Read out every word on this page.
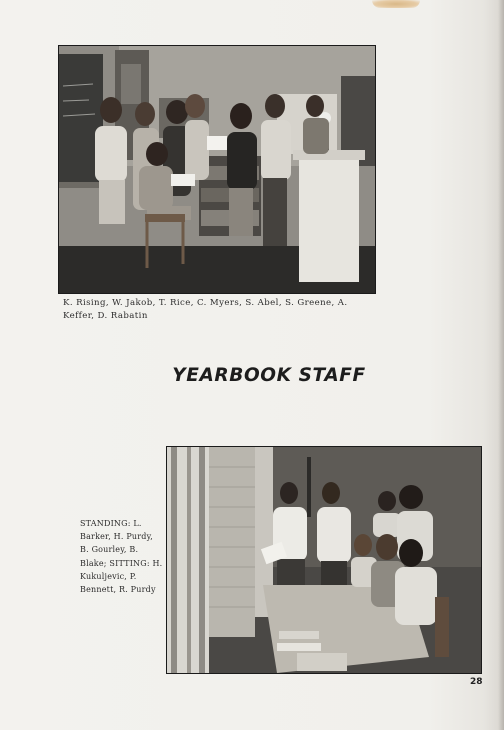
K. Rising, W. Jakob, T. Rice, C. Myers, S. Abel, S. Greene, A. Keffer, D. Rabatin
YEARBOOK STAFF
STANDING: L. Barker, H. Purdy, B. Gourley, B. Blake; SITTING: H. Kukuljevic, P. Bennett, R. Purdy
28
